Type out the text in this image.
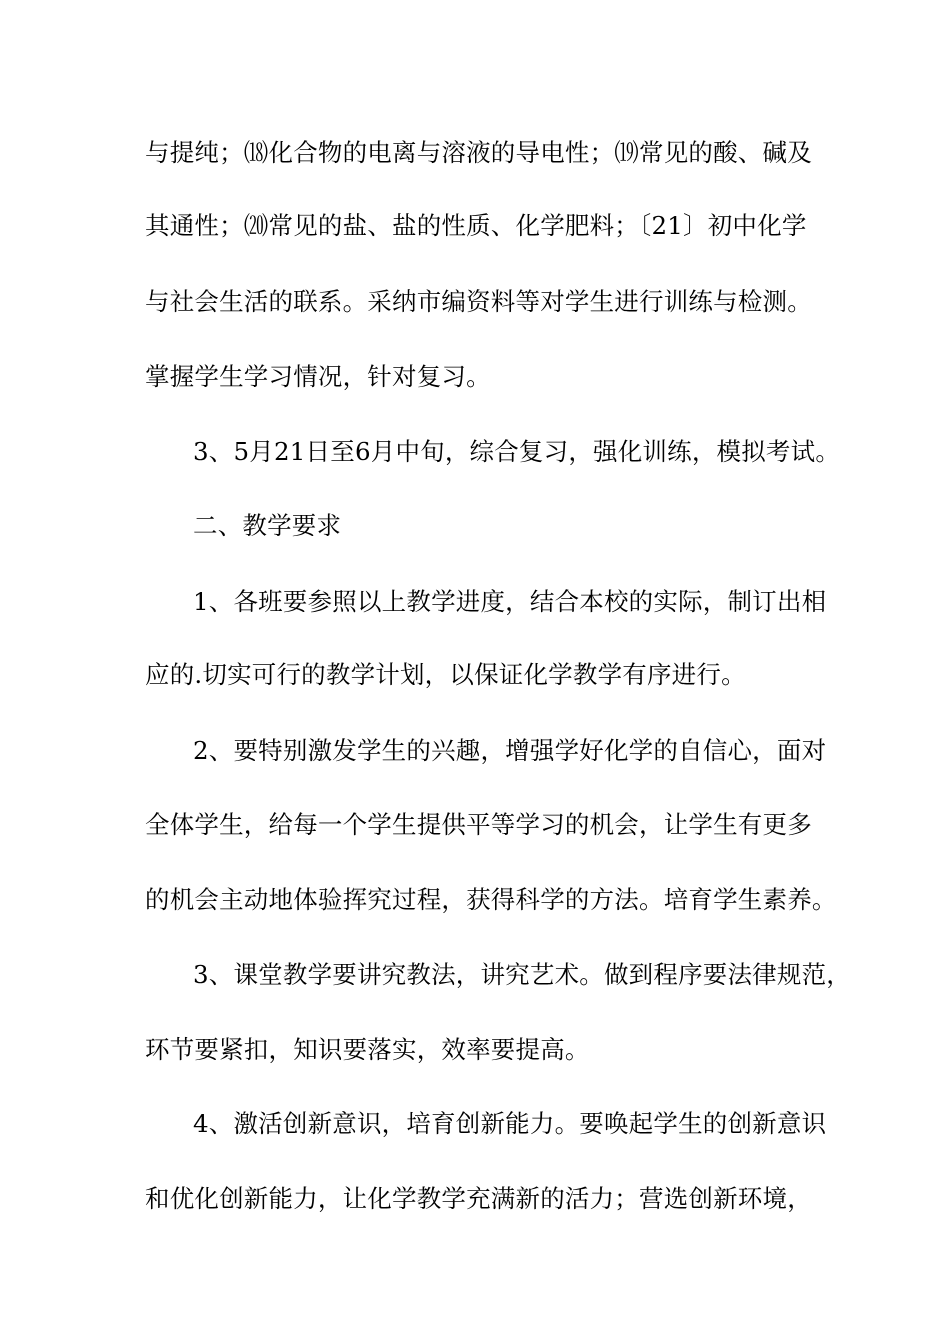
与提纯；⒅化合物的电离与溶液的导电性；⒆常见的酸、碱及
其通性；⒇常见的盐、盐的性质、化学肥料；〔21〕初中化学
与社会生活的联系。采纳市编资料等对学生进行训练与检测。
掌握学生学习情况，针对复习。
3、5月21日至6月中旬，综合复习，强化训练，模拟考试。
二、教学要求
1、各班要参照以上教学进度，结合本校的实际，制订出相
应的.切实可行的教学计划，以保证化学教学有序进行。
2、要特别激发学生的兴趣，增强学好化学的自信心，面对
全体学生，给每一个学生提供平等学习的机会，让学生有更多
的机会主动地体验挥究过程，获得科学的方法。培育学生素养。
3、课堂教学要讲究教法，讲究艺术。做到程序要法律规范，
环节要紧扣，知识要落实，效率要提高。
4、激活创新意识，培育创新能力。要唤起学生的创新意识
和优化创新能力，让化学教学充满新的活力；营选创新环境，
